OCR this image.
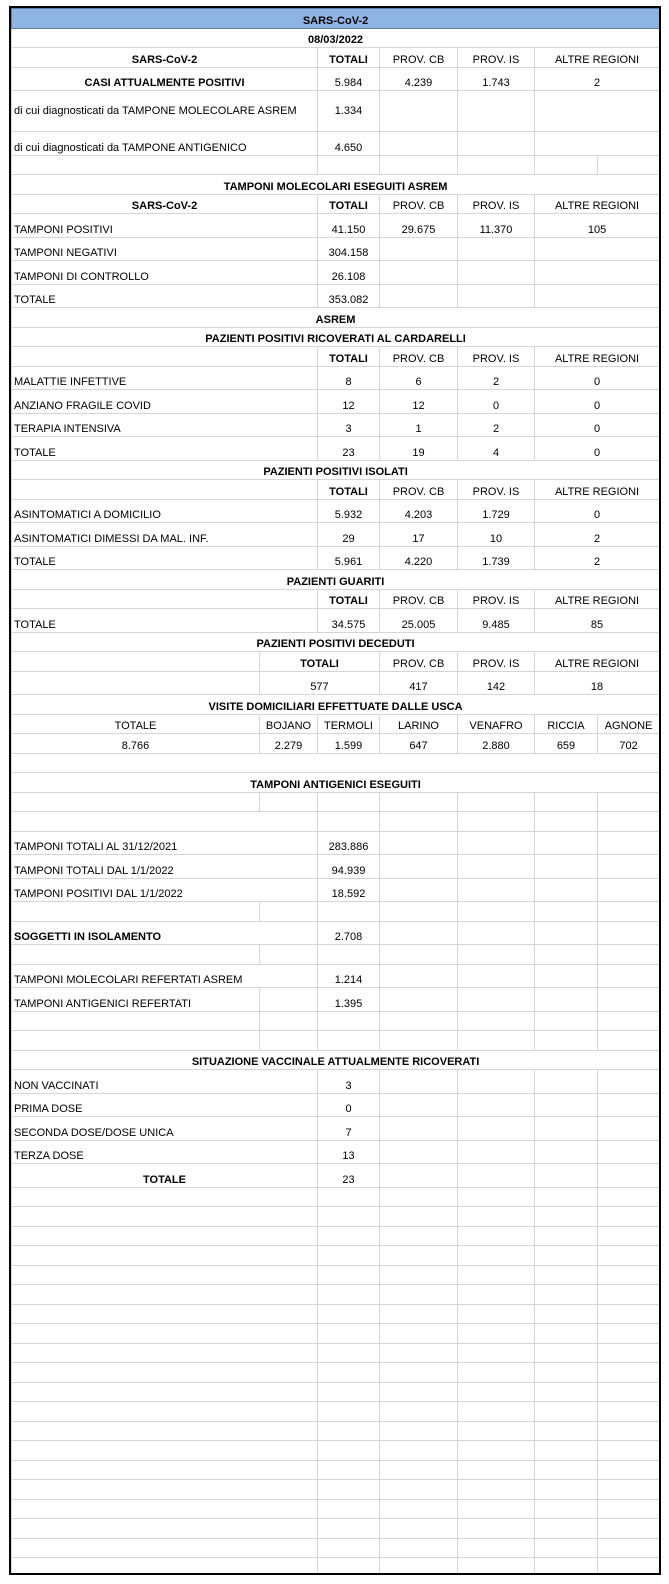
SARS-CoV-2						
08/03/2022						
SARS-CoV-2		TOTALI	PROV. CB	PROV. IS	ALTRE REGIONI	
CASI ATTUALMENTE POSITIVI		5.984	4.239	1.743	2	
di cui diagnosticati da TAMPONE MOLECOLARE ASREM		1.334				
di cui diagnosticati da TAMPONE ANTIGENICO		4.650				

TAMPONI MOLECOLARI ESEGUITI ASREM						
SARS-CoV-2		TOTALI	PROV. CB	PROV. IS	ALTRE REGIONI	
TAMPONI POSITIVI		41.150	29.675	11.370	105	
TAMPONI NEGATIVI		304.158				
TAMPONI DI CONTROLLO		26.108				
TOTALE		353.082				
ASREM						
PAZIENTI POSITIVI RICOVERATI AL CARDARELLI						
		TOTALI	PROV. CB	PROV. IS	ALTRE REGIONI	
MALATTIE INFETTIVE		8	6	2	0	
ANZIANO FRAGILE COVID		12	12	0	0	
TERAPIA INTENSIVA		3	1	2	0	
TOTALE		23	19	4	0	
PAZIENTI POSITIVI ISOLATI						
		TOTALI	PROV. CB	PROV. IS	ALTRE REGIONI	
ASINTOMATICI A DOMICILIO		5.932	4.203	1.729	0	
ASINTOMATICI DIMESSI DA MAL. INF.		29	17	10	2	
TOTALE		5.961	4.220	1.739	2	
PAZIENTI GUARITI						
		TOTALI	PROV. CB	PROV. IS	ALTRE REGIONI	
TOTALE		34.575	25.005	9.485	85	
PAZIENTI POSITIVI DECEDUTI						
	TOTALI		PROV. CB	PROV. IS	ALTRE REGIONI	
	577		417	142	18	
VISITE DOMICILIARI EFFETTUATE DALLE USCA						
TOTALE	BOJANO	TERMOLI	LARINO	VENAFRO	RICCIA	AGNONE
8.766	2.279	1.599	647	2.880	659	702

TAMPONI ANTIGENICI ESEGUITI						

TAMPONI TOTALI AL 31/12/2021		283.886				
TAMPONI TOTALI DAL 1/1/2022		94.939				
TAMPONI POSITIVI DAL 1/1/2022		18.592				

SOGGETTI IN ISOLAMENTO		2.708				

TAMPONI MOLECOLARI REFERTATI ASREM		1.214				
TAMPONI ANTIGENICI REFERTATI		1.395				

SITUAZIONE VACCINALE ATTUALMENTE RICOVERATI						
NON VACCINATI		3				
PRIMA DOSE		0				
SECONDA DOSE/DOSE UNICA		7				
TERZA DOSE		13				
TOTALE		23				
